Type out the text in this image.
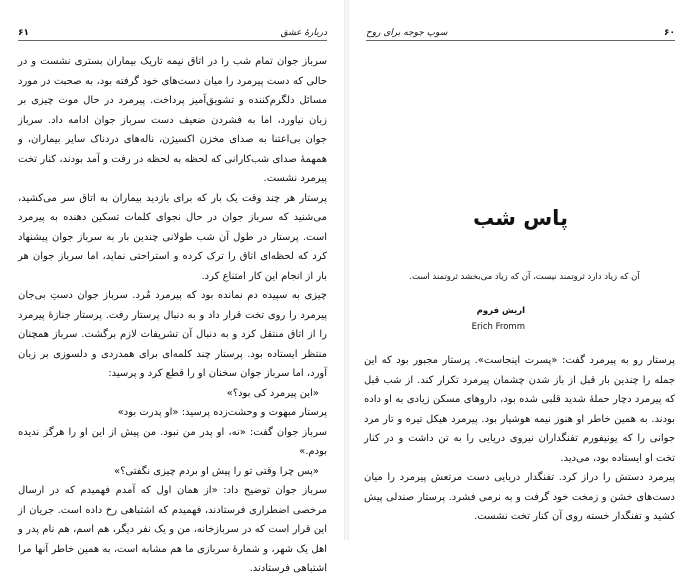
۶۱	دربارهٔ عشق

سرباز جوان تمام شب را در اتاق نیمه تاریک بیماران بستری نشست و در حالی که دست پیرمرد را میان دست‌های خود گرفته بود، به صحبت در مورد مسائل دلگرم‌کننده و تشویق‌آمیز پرداخت. پیرمرد در حال موت چیزی بر زبان نیاورد، اما به فشردن ضعیف دست سرباز جوان ادامه داد. سرباز جوان بی‌اعتنا به صدای مخزن اکسیژن، ناله‌های دردناک سایر بیماران، و همهمهٔ صدای شب‌کارانی که لحظه به لحظه در رفت و آمد بودند، کنار تخت پیرمرد نشست.

پرستار هر چند وقت یک بار که برای بازدید بیماران به اتاق سر می‌کشید، می‌شنید که سرباز جوان در حال نجوای کلمات تسکین دهنده به پیرمرد است. پرستار در طول آن شب طولانی چندین بار به سرباز جوان پیشنهاد کرد که لحظه‌ای اتاق را ترک کرده و استراحتی نماید، اما سرباز جوان هر بار از انجام این کار امتناع کرد.

چیزی به سپیده دم نمانده بود که پیرمرد مُرد. سرباز جوان دستِ بی‌جان پیرمرد را روی تخت قرار داد و به دنبال پرستار رفت. پرستار جنازهٔ پیرمرد را از اتاق منتقل کرد و به دنبال آن تشریفات لازم برگشت. سرباز همچنان منتظر ایستاده بود. پرستار چند کلمه‌ای برای همدردی و دلسوزی بر زبان آورد، اما سرباز جوان سخنان او را قطع کرد و پرسید:

«این پیرمرد کی بود؟»

پرستار مبهوت و وحشت‌زده پرسید: «او پدرت بود»

سرباز جوان گفت: «نه، او پدر من نبود. من پیش از این او را هرگز ندیده بودم.»

«پس چرا وقتی تو را پیش او بردم چیزی نگفتی؟»

سرباز جوان توضیح داد: «از همان اول که آمدم فهمیدم که در ارسال مرخصی اضطراری فرستادند، فهمیدم که اشتباهی رخ داده است. جریان از این قرار است که در سربازخانه، من و یک نفر دیگر، هم اسم، هم نام پدر و اهل یک شهر، و شمارهٔ سربازی ما هم مشابه است، به همین خاطر آنها مرا اشتباهی فرستادند.

۶۰
سوپ جوجه برای روح
پاس شب
آن که زیاد دارد ثروتمند نیست، آن که زیاد می‌بخشد ثروتمند است.
اریش فروم
Erich Fromm

پرستار رو به پیرمرد گفت: «پسرت اینجاست». پرستار مجبور بود که این جمله را چندین بار قبل از باز شدن چشمان پیرمرد تکرار کند. از شب قبل که پیرمرد دچار حملهٔ شدید قلبی شده بود، داروهای مسکن زیادی به او داده بودند. به همین خاطر او هنوز نیمه هوشیار بود. پیرمرد هیکل تیره و تار مرد جوانی را که یونیفورم تفنگداران نیروی دریایی را به تن داشت و در کنار تخت او ایستاده بود، می‌دید.

پیرمرد دستش را دراز کرد. تفنگدار دریایی دست مرتعش پیرمرد را میان دست‌های خشن و زمخت خود گرفت و به نرمی فشرد. پرستار صندلی پیش کشید و تفنگدار خسته روی آن کنار تخت نشست.
